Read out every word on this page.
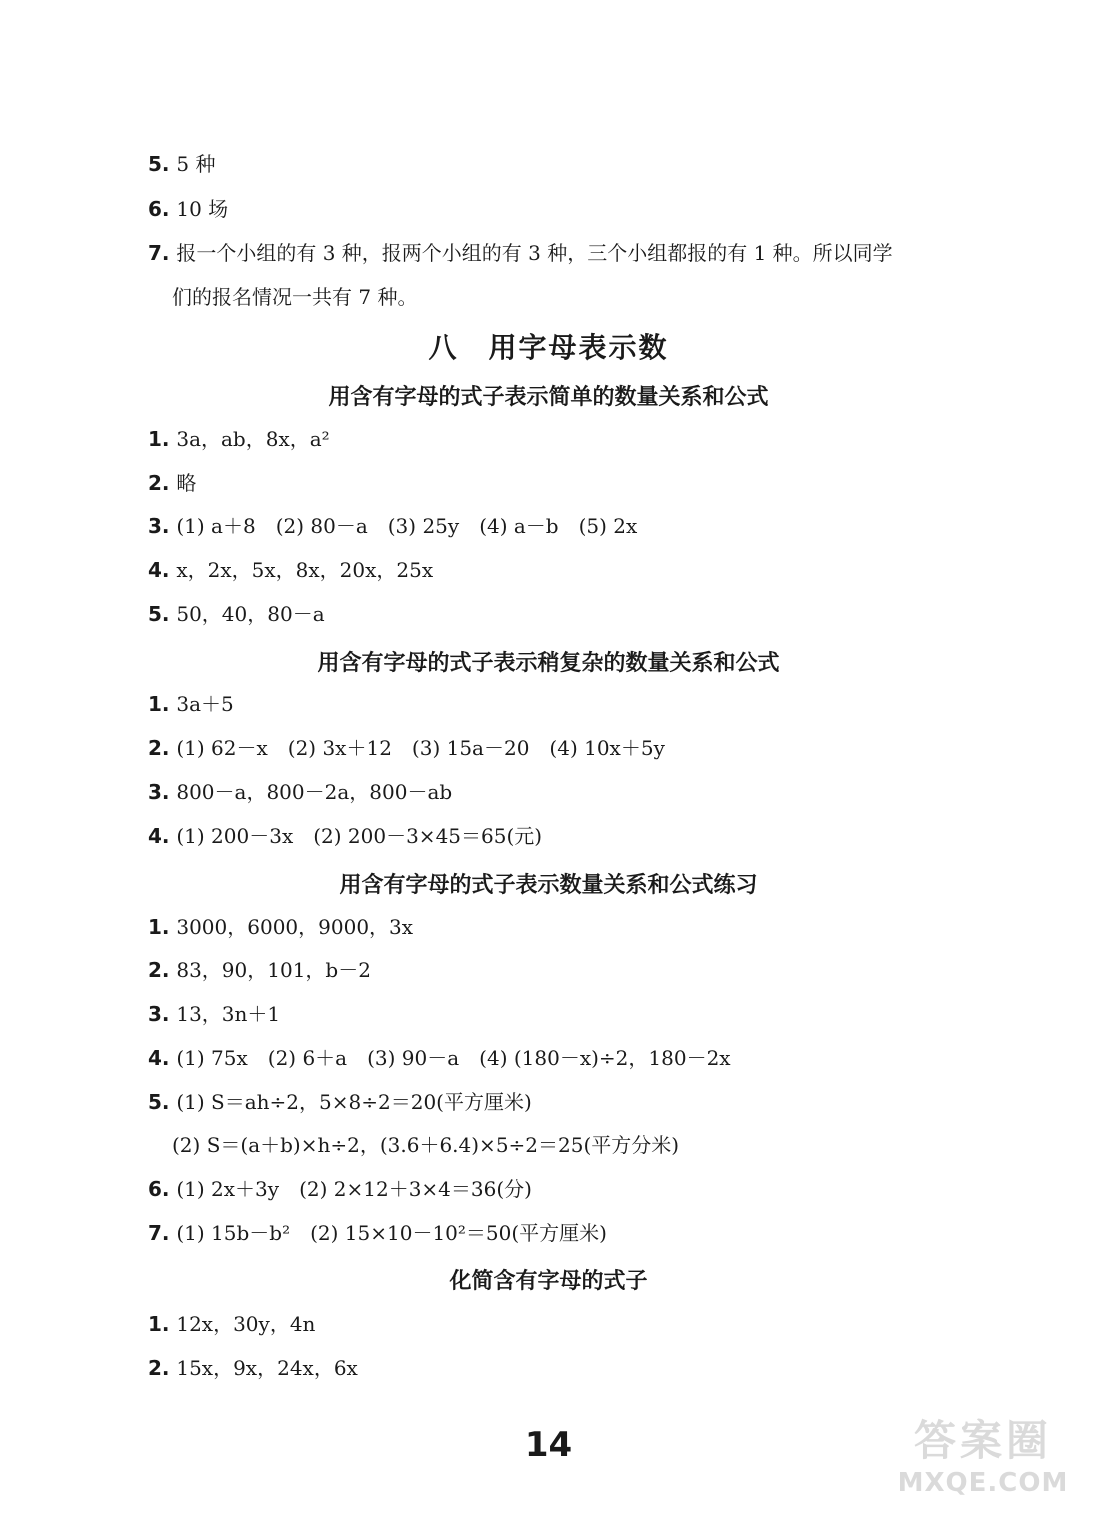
5. 5 种
6. 10 场
7. 报一个小组的有 3 种，报两个小组的有 3 种，三个小组都报的有 1 种。所以同学
们的报名情况一共有 7 种。
八　用字母表示数
用含有字母的式子表示简单的数量关系和公式
1. 3a，ab，8x，a²
2. 略
3. (1) a＋8　(2) 80－a　(3) 25y　(4) a－b　(5) 2x
4. x，2x，5x，8x，20x，25x
5. 50，40，80－a
用含有字母的式子表示稍复杂的数量关系和公式
1. 3a＋5
2. (1) 62－x　(2) 3x＋12　(3) 15a－20　(4) 10x＋5y
3. 800－a，800－2a，800－ab
4. (1) 200－3x　(2) 200－3×45＝65(元)
用含有字母的式子表示数量关系和公式练习
1. 3000，6000，9000，3x
2. 83，90，101，b－2
3. 13，3n＋1
4. (1) 75x　(2) 6＋a　(3) 90－a　(4) (180－x)÷2，180－2x
5. (1) S＝ah÷2，5×8÷2＝20(平方厘米)
(2) S＝(a＋b)×h÷2，(3.6＋6.4)×5÷2＝25(平方分米)
6. (1) 2x＋3y　(2) 2×12＋3×4＝36(分)
7. (1) 15b－b²　(2) 15×10－10²＝50(平方厘米)
化简含有字母的式子
1. 12x，30y，4n
2. 15x，9x，24x，6x
14	答案圈
MXQE.COM
